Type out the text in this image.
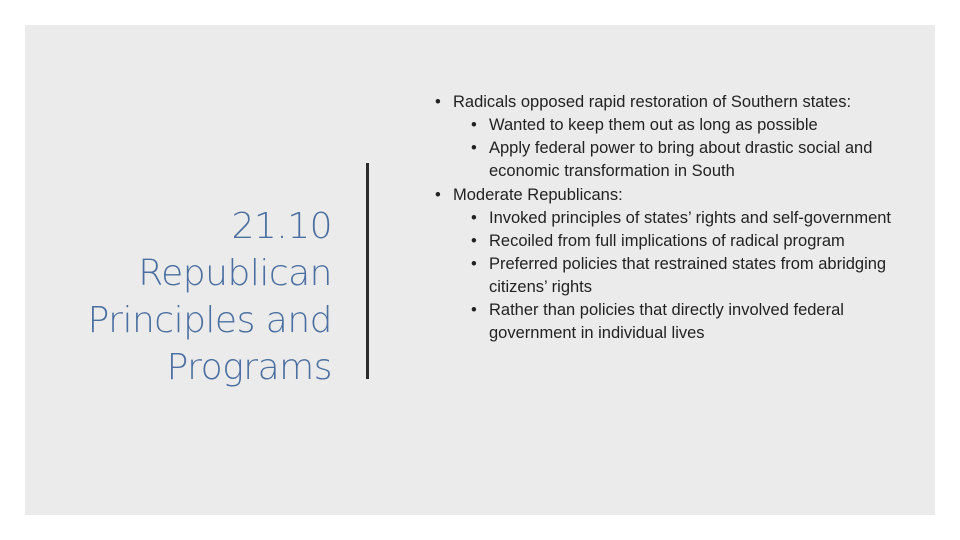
21.10
Republican
Principles and
Programs
• Radicals opposed rapid restoration of Southern states:
• Wanted to keep them out as long as possible
• Apply federal power to bring about drastic social and economic transformation in South
• Moderate Republicans:
• Invoked principles of states’ rights and self-government
• Recoiled from full implications of radical program
• Preferred policies that restrained states from abridging citizens’ rights
• Rather than policies that directly involved federal government in individual lives
